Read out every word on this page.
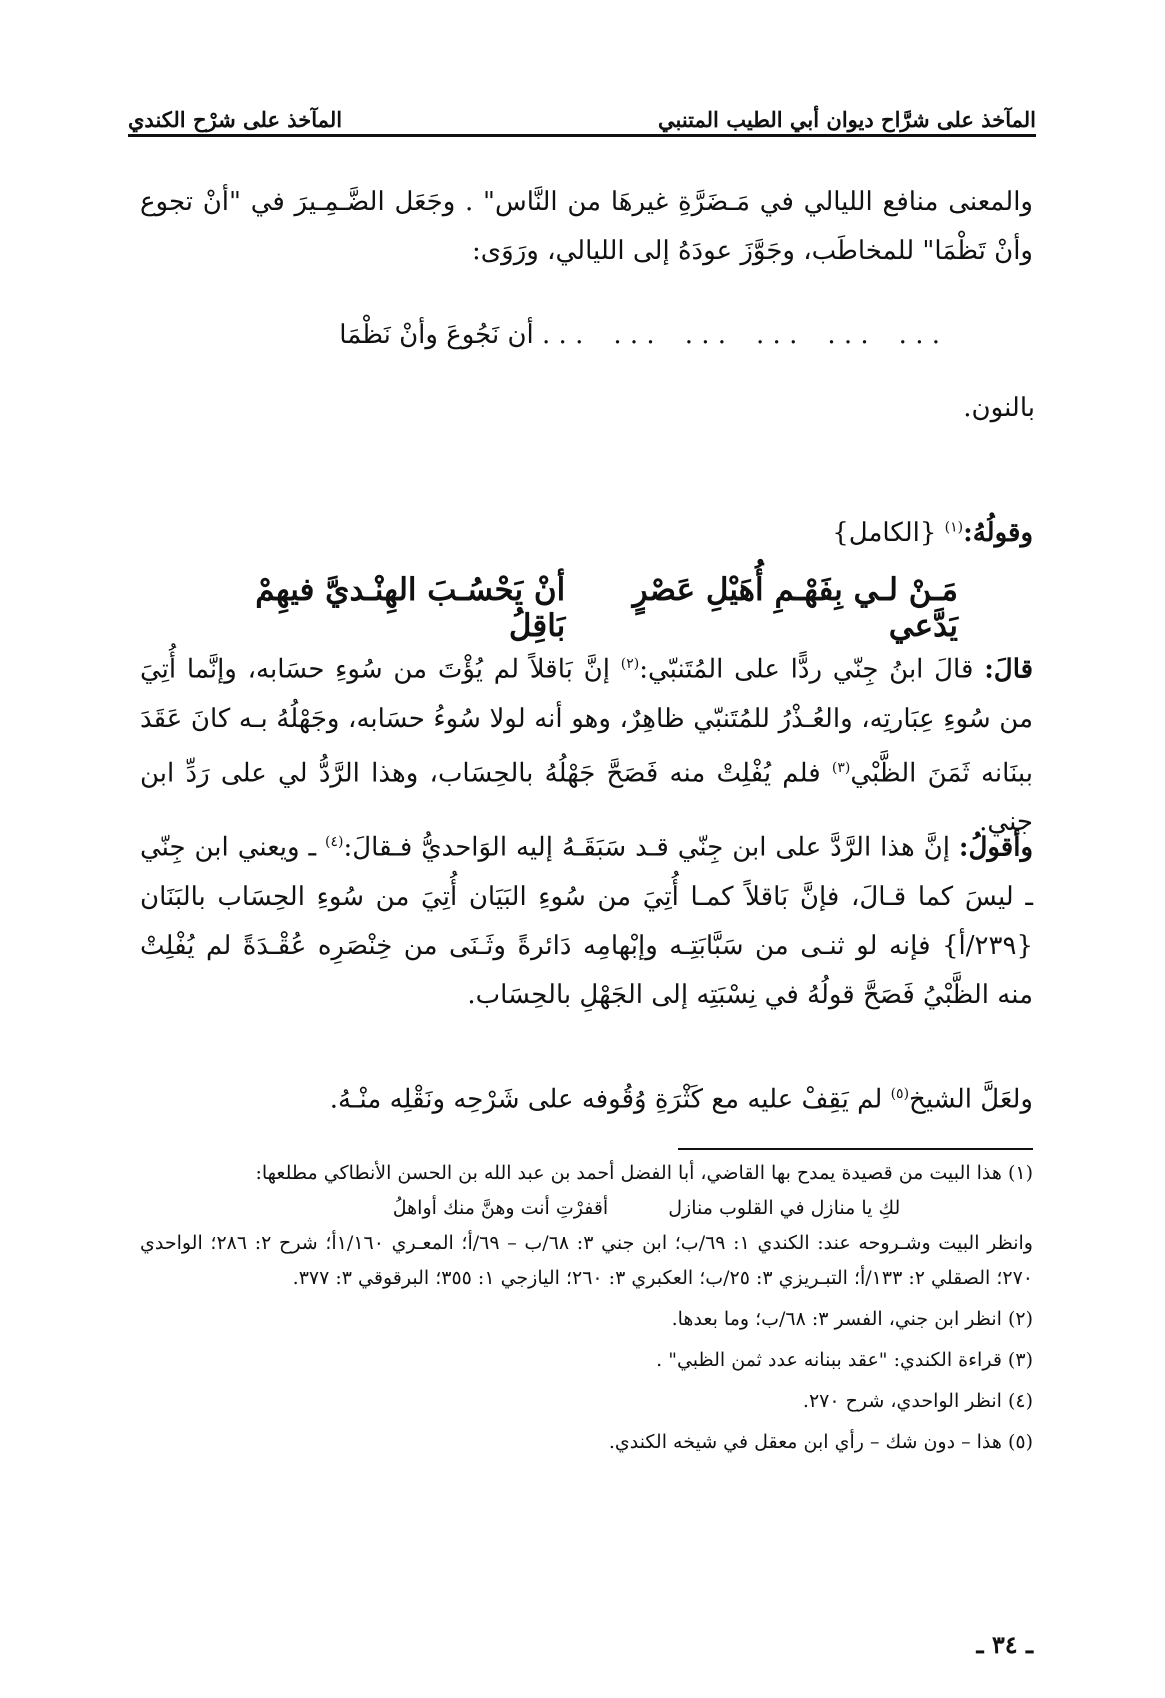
المآخذ على شرَّاح ديوان أبي الطيب المتنبي
المآخذ على شرْح الكندي
والمعنى منافع الليالي في مَـضَرَّةِ غيرهَا من النَّاس" . وجَعَل الضَّـمِـيرَ في "أنْ تجوع وأنْ تَظْمَا" للمخاطَب، وجَوَّزَ عودَهُ إلى الليالي، ورَوَى:
. . .
. . .
. . .
. . .
. . .
. . . أن نَجُوعَ وأنْ نَظْمَا
بالنون.
وقولُهُ:$^{(١)}$ {الكامل}
مَـنْ لـي بِفَهْـمِ أُهَيْلِ عَصْرٍ يَدَّعي
أنْ يَحْسُـبَ الهِنْـديَّ فيهِمْ بَاقِلُ
قالَ: قالَ ابنُ جِنّي ردًّا على المُتَنبّي:$^{(٢)}$ إنَّ بَاقلاً لم يُؤْتَ من سُوءِ حسَابه، وإنَّما أُتِيَ من سُوءِ عِبَارتِه، والعُـذْرُ للمُتَنبّي ظاهِرٌ، وهو أنه لولا سُوءُ حسَابه، وجَهْلُهُ بـه كانَ عَقَدَ ببنَانه ثَمَنَ الظَّبْي$^{(٣)}$ فلم يُفْلِتْ منه فَصَحَّ جَهْلُهُ بالحِسَاب، وهذا الرَّدُّ لي على رَدِّ ابن جني.
وأقولُ: إنَّ هذا الرَّدَّ على ابن جِنّي قـد سَبَقَـهُ إليه الوَاحديُّ فـقالَ:$^{(٤)}$ ـ ويعني ابن جِنّي ـ ليسَ كما قـالَ، فإنَّ بَاقلاً كمـا أُتِيَ من سُوءِ البَيَان أُتِيَ من سُوءِ الحِسَاب بالبَنَان {٢٣٩/أ} فإنه لو ثنـى من سَبَّابَتِـه وإبْهامِه دَائرةً وثَـنَى من خِنْصَرِه عُقْـدَةً لم يُفْلِتْ منه الظَّبْيُ فَصَحَّ قولُهُ في نِسْبَتِه إلى الجَهْلِ بالحِسَاب.
ولعَلَّ الشيخ$^{(٥)}$ لم يَقِفْ عليه مع كَثْرَةِ وُقُوفه على شَرْحِه ونَقْلِه منْـهُ.
(١) هذا البيت من قصيدة يمدح بها القاضي، أبا الفضل أحمد بن عبد الله بن الحسن الأنطاكي مطلعها:
لكِ يا منازل في القلوب منازل
أقفرْتِ أنت وهنَّ منك أواهلُ
وانظر البيت وشـروحه عند: الكندي ١: ٦٩/ب؛ ابن جني ٣: ٦٨/ب – ٦٩/أ؛ المعـري ١/١٦٠أ؛ شرح ٢: ٢٨٦؛ الواحدي ٢٧٠؛ الصقلي ٢: ١٣٣/أ؛ التبـريزي ٣: ٢٥/ب؛ العكبري ٣: ٢٦٠؛ اليازجي ١: ٣٥٥؛ البرقوقي ٣: ٣٧٧.
(٢) انظر ابن جني، الفسر ٣: ٦٨/ب؛ وما بعدها.
(٣) قراءة الكندي: "عقد ببنانه عدد ثمن الظبي" .
(٤) انظر الواحدي، شرح ٢٧٠.
(٥) هذا – دون شك – رأي ابن معقل في شيخه الكندي.
ـ ٣٤ ـ
